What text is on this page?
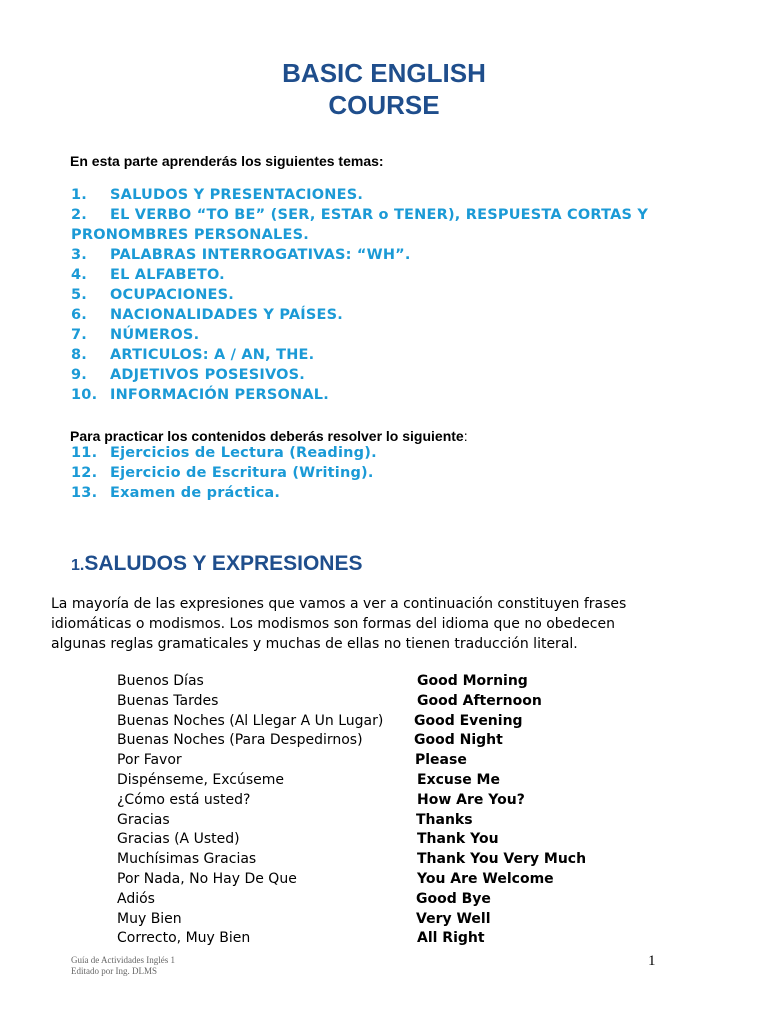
BASIC ENGLISH
COURSE

En esta parte aprenderás los siguientes temas:

1. SALUDOS Y PRESENTACIONES.
2. EL VERBO “TO BE” (SER, ESTAR o TENER), RESPUESTA CORTAS Y
PRONOMBRES PERSONALES.
3. PALABRAS INTERROGATIVAS: “WH”.
4. EL ALFABETO.
5. OCUPACIONES.
6. NACIONALIDADES Y PAÍSES.
7. NÚMEROS.
8. ARTICULOS: A / AN, THE.
9. ADJETIVOS POSESIVOS.
10. INFORMACIÓN PERSONAL.

Para practicar los contenidos deberás resolver lo siguiente:

11. Ejercicios de Lectura (Reading).
12. Ejercicio de Escritura (Writing).
13. Examen de práctica.
1.SALUDOS Y EXPRESIONES
La mayoría de las expresiones que vamos a ver a continuación constituyen frases
idiomáticas o modismos. Los modismos son formas del idioma que no obedecen
algunas reglas gramaticales y muchas de ellas no tienen traducción literal.
Buenos Días	Good Morning
Buenas Tardes	Good Afternoon
Buenas Noches (Al Llegar A Un Lugar) Good Evening
Buenas Noches (Para Despedirnos)	Good Night
Por Favor	Please
Dispénseme, Excúseme	Excuse Me
¿Cómo está usted?	How Are You?
Gracias	Thanks
Gracias (A Usted)	Thank You
Muchísimas Gracias	Thank You Very Much
Por Nada, No Hay De Que	You Are Welcome
Adiós	Good Bye
Muy Bien	Very Well
Correcto, Muy Bien	All Right
Guía de Actividades Inglés 1
Editado por Ing. DLMS
1
